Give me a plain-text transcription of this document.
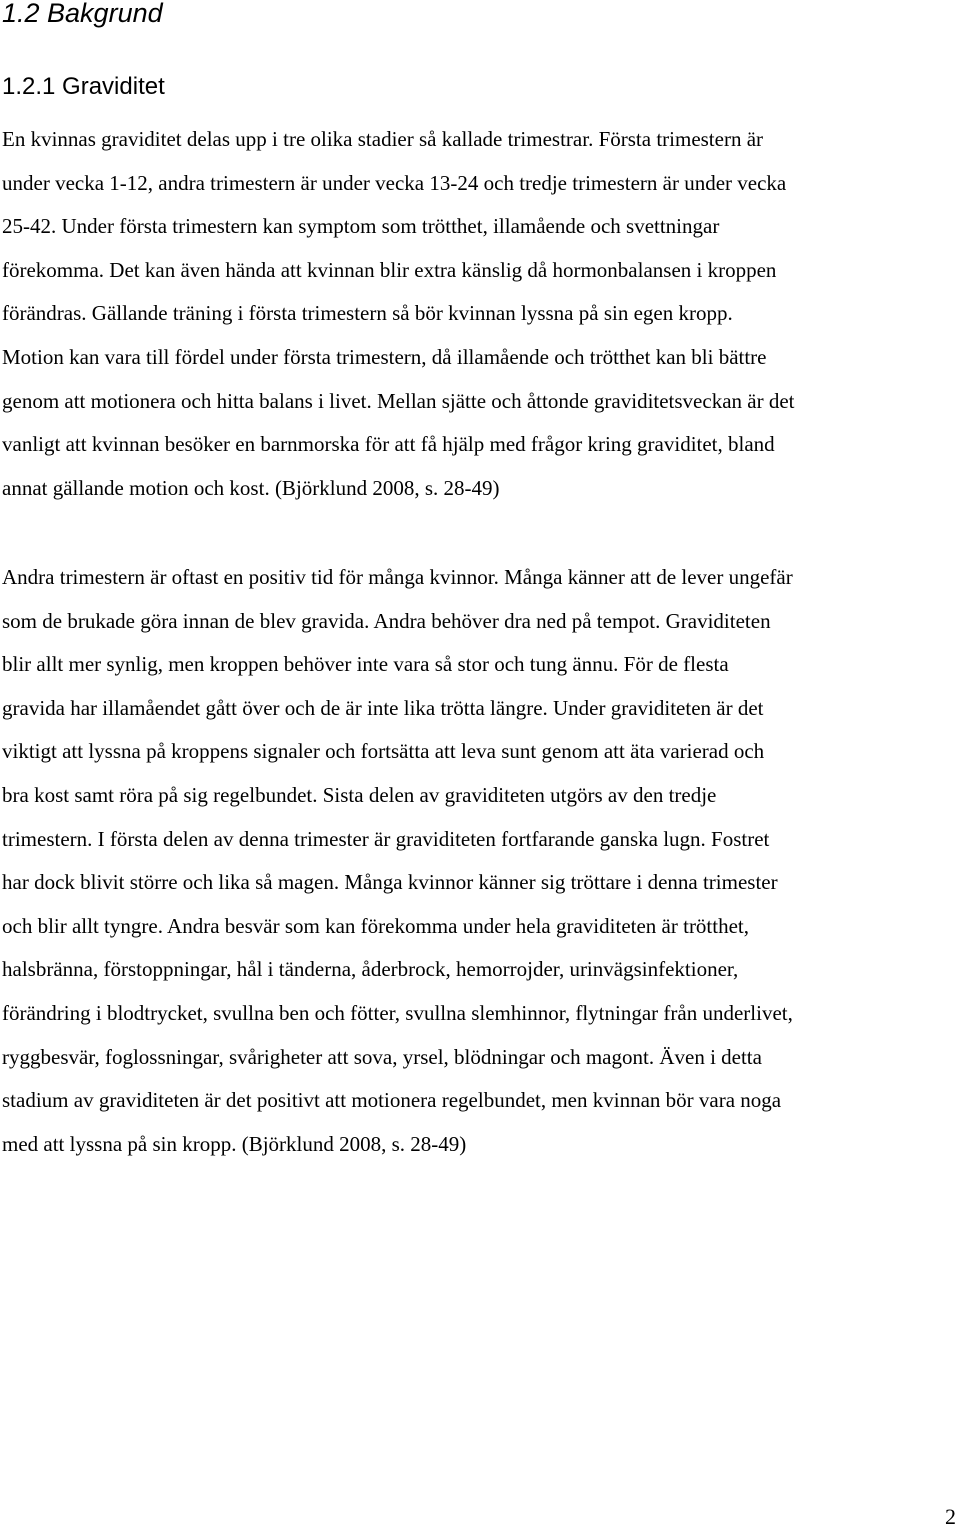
1.2 Bakgrund
1.2.1 Graviditet
En kvinnas graviditet delas upp i tre olika stadier så kallade trimestrar. Första trimestern är
under vecka 1-12, andra trimestern är under vecka 13-24 och tredje trimestern är under vecka
25-42. Under första trimestern kan symptom som trötthet, illamående och svettningar
förekomma. Det kan även hända att kvinnan blir extra känslig då hormonbalansen i kroppen
förändras. Gällande träning i första trimestern så bör kvinnan lyssna på sin egen kropp.
Motion kan vara till fördel under första trimestern, då illamående och trötthet kan bli bättre
genom att motionera och hitta balans i livet. Mellan sjätte och åttonde graviditetsveckan är det
vanligt att kvinnan besöker en barnmorska för att få hjälp med frågor kring graviditet, bland
annat gällande motion och kost. (Björklund 2008, s. 28-49)
Andra trimestern är oftast en positiv tid för många kvinnor. Många känner att de lever ungefär
som de brukade göra innan de blev gravida. Andra behöver dra ned på tempot. Graviditeten
blir allt mer synlig, men kroppen behöver inte vara så stor och tung ännu. För de flesta
gravida har illamåendet gått över och de är inte lika trötta längre. Under graviditeten är det
viktigt att lyssna på kroppens signaler och fortsätta att leva sunt genom att äta varierad och
bra kost samt röra på sig regelbundet. Sista delen av graviditeten utgörs av den tredje
trimestern. I första delen av denna trimester är graviditeten fortfarande ganska lugn. Fostret
har dock blivit större och lika så magen. Många kvinnor känner sig tröttare i denna trimester
och blir allt tyngre. Andra besvär som kan förekomma under hela graviditeten är trötthet,
halsbränna, förstoppningar, hål i tänderna, åderbrock, hemorrojder, urinvägsinfektioner,
förändring i blodtrycket, svullna ben och fötter, svullna slemhinnor, flytningar från underlivet,
ryggbesvär, foglossningar, svårigheter att sova, yrsel, blödningar och magont. Även i detta
stadium av graviditeten är det positivt att motionera regelbundet, men kvinnan bör vara noga
med att lyssna på sin kropp. (Björklund 2008, s. 28-49)
2
